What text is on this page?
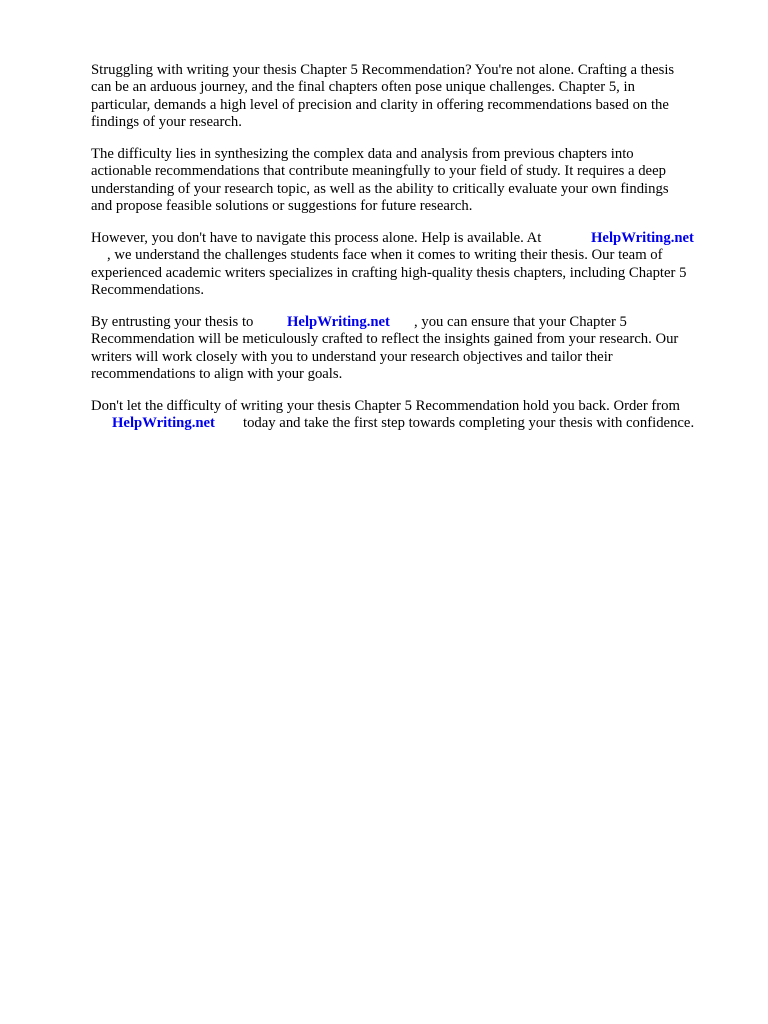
Struggling with writing your thesis Chapter 5 Recommendation? You're not alone. Crafting a thesis

can be an arduous journey, and the final chapters often pose unique challenges. Chapter 5, in

particular, demands a high level of precision and clarity in offering recommendations based on the

findings of your research.

The difficulty lies in synthesizing the complex data and analysis from previous chapters into

actionable recommendations that contribute meaningfully to your field of study. It requires a deep

understanding of your research topic, as well as the ability to critically evaluate your own findings

and propose feasible solutions or suggestions for future research.

However, you don't have to navigate this process alone. Help is available. At	HelpWriting.net

, we understand the challenges students face when it comes to writing their thesis. Our team of

experienced academic writers specializes in crafting high-quality thesis chapters, including Chapter 5

Recommendations.

By entrusting your thesis to HelpWriting.net , you can ensure that your Chapter 5

Recommendation will be meticulously crafted to reflect the insights gained from your research. Our

writers will work closely with you to understand your research objectives and tailor their

recommendations to align with your goals.

Don't let the difficulty of writing your thesis Chapter 5 Recommendation hold you back. Order from

HelpWriting.net today and take the first step towards completing your thesis with confidence.
